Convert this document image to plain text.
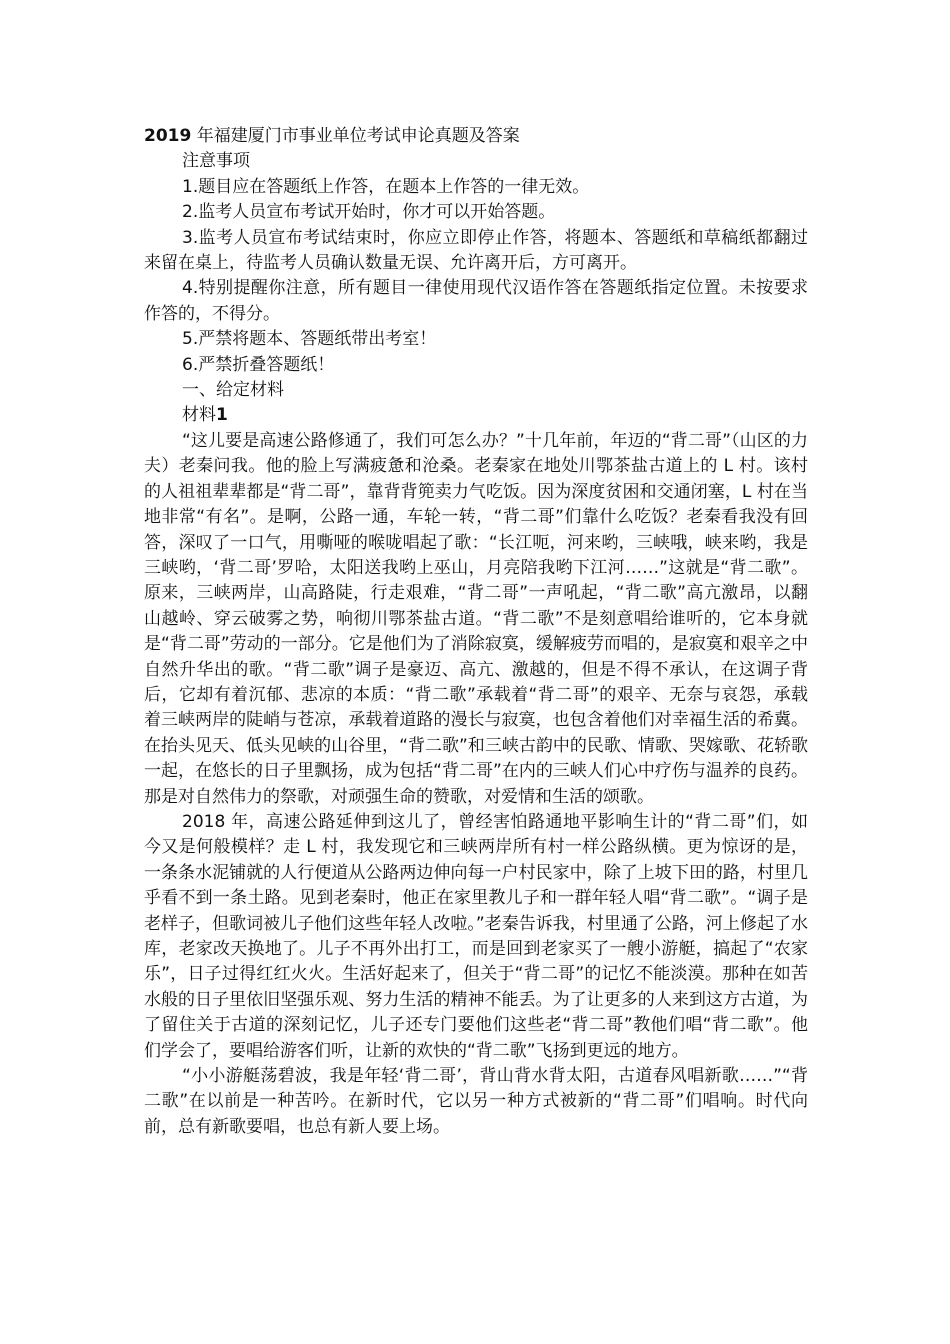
2019 年福建厦门市事业单位考试申论真题及答案

注意事项

1.题目应在答题纸上作答，在题本上作答的一律无效。

2.监考人员宣布考试开始时，你才可以开始答题。

3.监考人员宣布考试结束时，你应立即停止作答，将题本、答题纸和草稿纸都翻过来留在桌上，待监考人员确认数量无误、允许离开后，方可离开。

4.特别提醒你注意，所有题目一律使用现代汉语作答在答题纸指定位置。未按要求作答的，不得分。

5.严禁将题本、答题纸带出考室！

6.严禁折叠答题纸！

一、给定材料

材料1

“这儿要是高速公路修通了，我们可怎么办？”十几年前，年迈的“背二哥”（山区的力夫）老秦问我。他的脸上写满疲惫和沧桑。老秦家在地处川鄂茶盐古道上的 L 村。该村的人祖祖辈辈都是“背二哥”，靠背背篼卖力气吃饭。因为深度贫困和交通闭塞，L 村在当地非常“有名”。是啊，公路一通，车轮一转，“背二哥”们靠什么吃饭？老秦看我没有回答，深叹了一口气，用嘶哑的喉咙唱起了歌：“长江呃，河来哟，三峡哦，峡来哟，我是三峡哟，‘背二哥’罗哈，太阳送我哟上巫山，月亮陪我哟下江河……”这就是“背二歌”。原来，三峡两岸，山高路陡，行走艰难，“背二哥”一声吼起，“背二歌”高亢激昂，以翻山越岭、穿云破雾之势，响彻川鄂茶盐古道。“背二歌”不是刻意唱给谁听的，它本身就是“背二哥”劳动的一部分。它是他们为了消除寂寞，缓解疲劳而唱的，是寂寞和艰辛之中自然升华出的歌。“背二歌”调子是豪迈、高亢、激越的，但是不得不承认，在这调子背后，它却有着沉郁、悲凉的本质：“背二歌”承载着“背二哥”的艰辛、无奈与哀怨，承载着三峡两岸的陡峭与苍凉，承载着道路的漫长与寂寞，也包含着他们对幸福生活的希冀。在抬头见天、低头见峡的山谷里，“背二歌”和三峡古韵中的民歌、情歌、哭嫁歌、花轿歌一起，在悠长的日子里飘扬，成为包括“背二哥”在内的三峡人们心中疗伤与温养的良药。那是对自然伟力的祭歌，对顽强生命的赞歌，对爱情和生活的颂歌。

2018 年，高速公路延伸到这儿了，曾经害怕路通地平影响生计的“背二哥”们，如今又是何般模样？走 L 村，我发现它和三峡两岸所有村一样公路纵横。更为惊讶的是，一条条水泥铺就的人行便道从公路两边伸向每一户村民家中，除了上坡下田的路，村里几乎看不到一条土路。见到老秦时，他正在家里教儿子和一群年轻人唱“背二歌”。“调子是老样子，但歌词被儿子他们这些年轻人改啦。”老秦告诉我，村里通了公路，河上修起了水库，老家改天换地了。儿子不再外出打工，而是回到老家买了一艘小游艇，搞起了“农家乐”，日子过得红红火火。生活好起来了，但关于“背二哥”的记忆不能淡漠。那种在如苦水般的日子里依旧坚强乐观、努力生活的精神不能丢。为了让更多的人来到这方古道，为了留住关于古道的深刻记忆，儿子还专门要他们这些老“背二哥”教他们唱“背二歌”。他们学会了，要唱给游客们听，让新的欢快的“背二歌”飞扬到更远的地方。

“小小游艇荡碧波，我是年轻‘背二哥’，背山背水背太阳，古道春风唱新歌……”“背二歌”在以前是一种苦吟。在新时代，它以另一种方式被新的“背二哥”们唱响。时代向前，总有新歌要唱，也总有新人要上场。
